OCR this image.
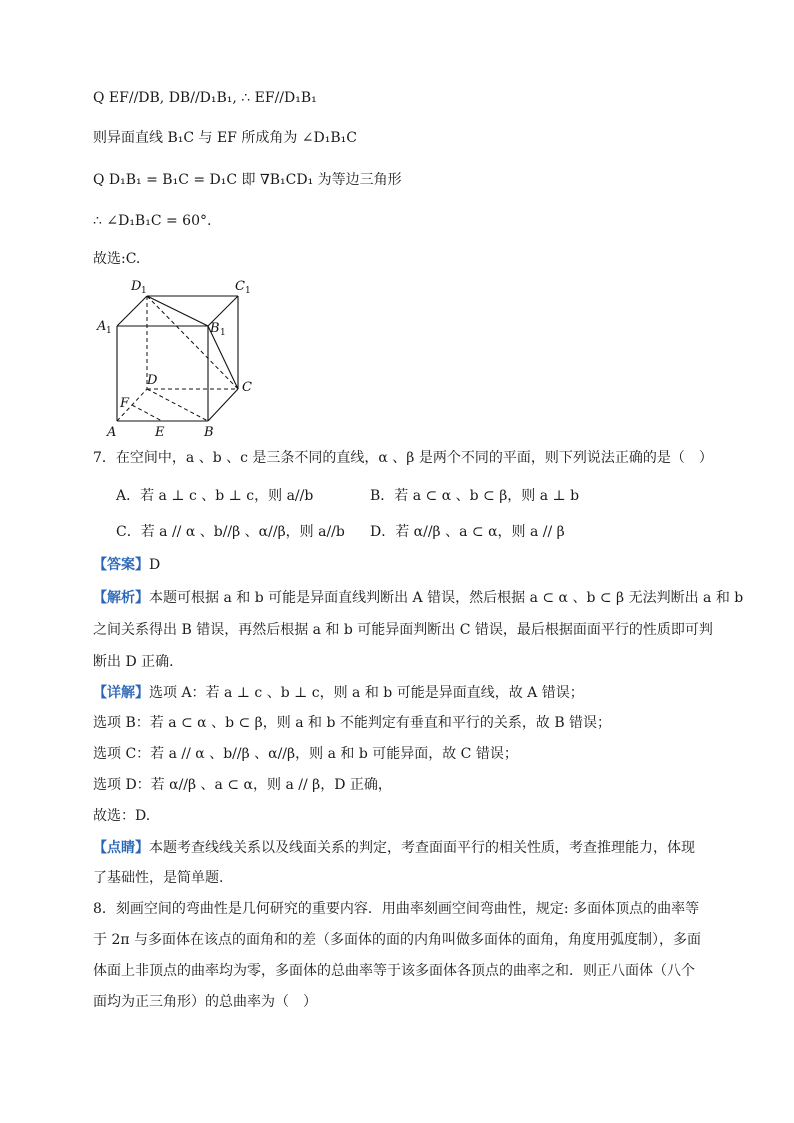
Q EF//DB, DB//D₁B₁, ∴ EF//D₁B₁
则异面直线 B₁C 与 EF 所成角为 ∠D₁B₁C
Q D₁B₁ = B₁C = D₁C 即 ∇B₁CD₁ 为等边三角形
∴ ∠D₁B₁C = 60°.
故选:C.
D 1	C 1
A 1	B 1
D	C
F
A	E	B
7．在空间中，a 、b 、c 是三条不同的直线，α 、β 是两个不同的平面，则下列说法正确的是（　）
A．若 a ⊥ c 、b ⊥ c，则 a//b	B．若 a ⊂ α 、b ⊂ β，则 a ⊥ b
C．若 a // α 、b//β 、α//β，则 a//b D．若 α//β 、a ⊂ α，则 a // β
【答案】D
【解析】本题可根据 a 和 b 可能是异面直线判断出 A 错误，然后根据 a ⊂ α 、b ⊂ β 无法判断出 a 和 b
之间关系得出 B 错误，再然后根据 a 和 b 可能异面判断出 C 错误，最后根据面面平行的性质即可判
断出 D 正确.
【详解】选项 A：若 a ⊥ c 、b ⊥ c，则 a 和 b 可能是异面直线，故 A 错误；
选项 B：若 a ⊂ α 、b ⊂ β，则 a 和 b 不能判定有垂直和平行的关系，故 B 错误；
选项 C：若 a // α 、b//β 、α//β，则 a 和 b 可能异面，故 C 错误；
选项 D：若 α//β 、a ⊂ α，则 a // β，D 正确，
故选：D.
【点睛】本题考查线线关系以及线面关系的判定，考查面面平行的相关性质，考查推理能力，体现
了基础性，是简单题.
8．刻画空间的弯曲性是几何研究的重要内容．用曲率刻画空间弯曲性，规定: 多面体顶点的曲率等
于 2π 与多面体在该点的面角和的差（多面体的面的内角叫做多面体的面角，角度用弧度制），多面
体面上非顶点的曲率均为零，多面体的总曲率等于该多面体各顶点的曲率之和．则正八面体（八个
面均为正三角形）的总曲率为（　）
